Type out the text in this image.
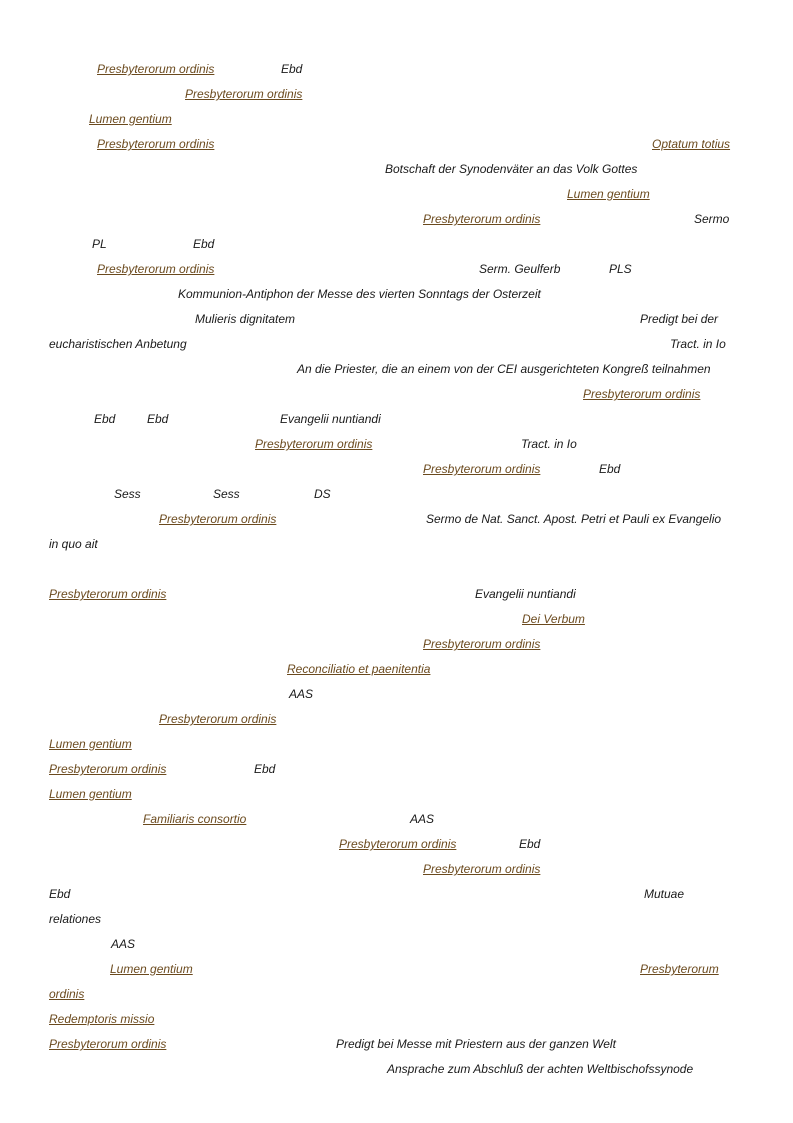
Presbyterorum ordinis	Ebd
Presbyterorum ordinis
Lumen gentium
Presbyterorum ordinis	Optatum totius
Botschaft der Synodenväter an das Volk Gottes
Lumen gentium
Presbyterorum ordinis	Sermo
PL	Ebd
Presbyterorum ordinis	Serm. Geulferb	PLS
Kommunion-Antiphon der Messe des vierten Sonntags der Osterzeit
Mulieris dignitatem	Predigt bei der
eucharistischen Anbetung	Tract. in Io
An die Priester, die an einem von der CEI ausgerichteten Kongreß teilnahmen
Presbyterorum ordinis
Ebd	Ebd	Evangelii nuntiandi
Presbyterorum ordinis	Tract. in Io
Presbyterorum ordinis	Ebd
Sess	Sess	DS
Presbyterorum ordinis	Sermo de Nat. Sanct. Apost. Petri et Pauli ex Evangelio
in quo ait
Presbyterorum ordinis	Evangelii nuntiandi
Dei Verbum
Presbyterorum ordinis
Reconciliatio et paenitentia
AAS
Presbyterorum ordinis
Lumen gentium
Presbyterorum ordinis	Ebd
Lumen gentium
Familiaris consortio	AAS
Presbyterorum ordinis	Ebd
Presbyterorum ordinis
Ebd	Mutuae
relationes
AAS
Lumen gentium	Presbyterorum
ordinis
Redemptoris missio
Presbyterorum ordinis	Predigt bei Messe mit Priestern aus der ganzen Welt
Ansprache zum Abschluß der achten Weltbischofssynode
